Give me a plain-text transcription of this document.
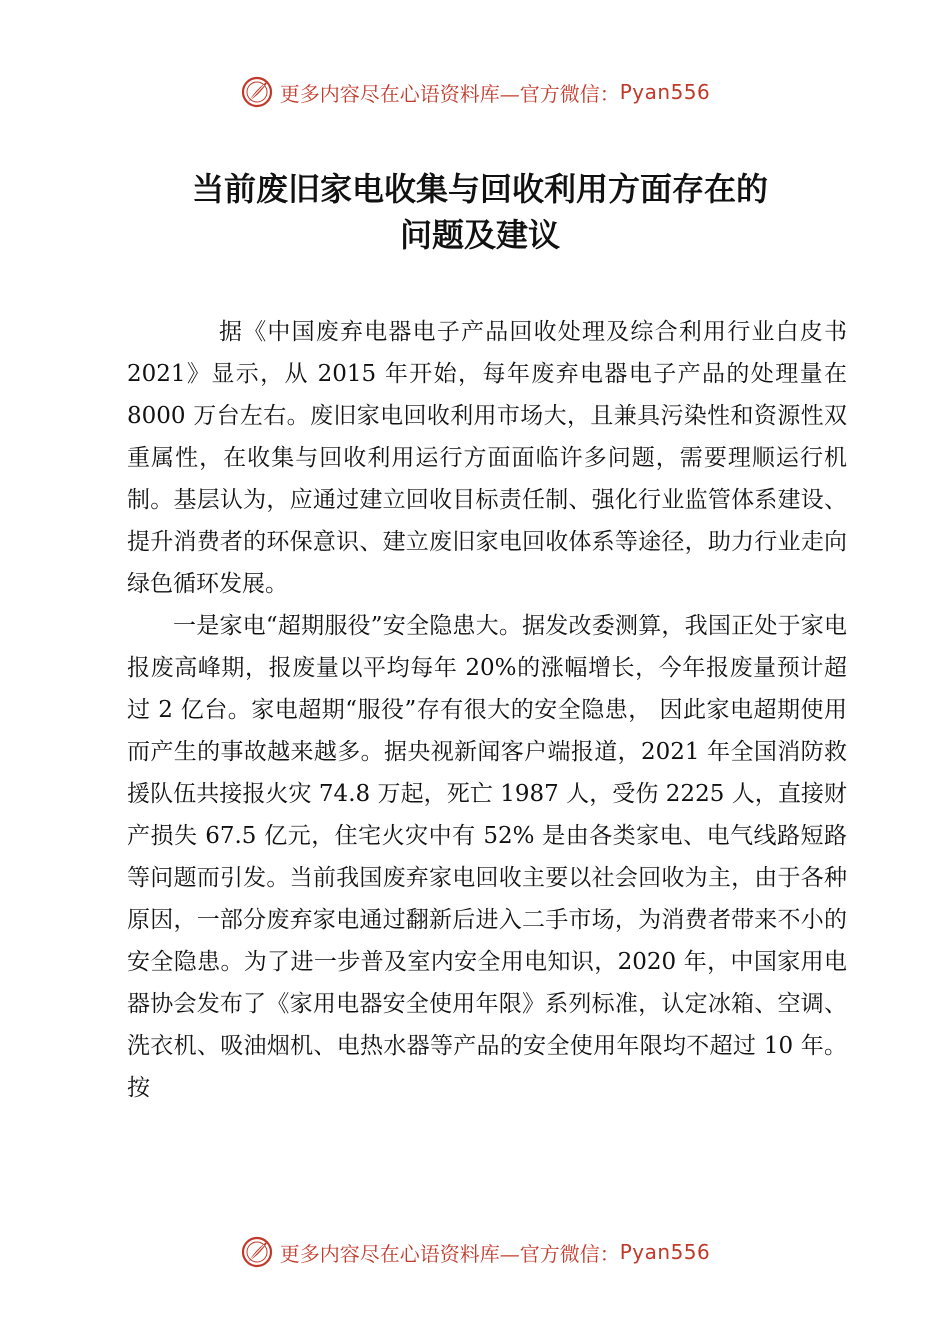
更多内容尽在心语资料库— 官方微信： Pyan556
当前废旧家电收集与回收利用方面存在的
问题及建议

据《中国废弃电器电子产品回收处理及综合利用行业白皮书2021》显示，从 2015 年开始，每年废弃电器电子产品的处理量在 8000 万台左右。废旧家电回收利用市场大，且兼具污染性和资源性双重属性，在收集与回收利用运行方面面临许多问题，需要理顺运行机制。基层认为，应通过建立回收目标责任制、强化行业监管体系建设、提升消费者的环保意识、建立废旧家电回收体系等途径，助力行业走向绿色循环发展。

一是家电“超期服役”安全隐患大。据发改委测算，我国正处于家电报废高峰期，报废量以平均每年 20%的涨幅增长，今年报废量预计超过 2 亿台。家电超期“服役”存有很大的安全隐患， 因此家电超期使用而产生的事故越来越多。据央视新闻客户端报道，2021 年全国消防救援队伍共接报火灾 74.8 万起，死亡 1987 人，受伤 2225 人，直接财产损失 67.5 亿元，住宅火灾中有 52% 是由各类家电、电气线路短路等问题而引发。当前我国废弃家电回收主要以社会回收为主，由于各种原因，一部分废弃家电通过翻新后进入二手市场，为消费者带来不小的安全隐患。为了进一步普及室内安全用电知识，2020 年，中国家用电器协会发布了《家用电器安全使用年限》系列标准，认定冰箱、空调、洗衣机、吸油烟机、电热水器等产品的安全使用年限均不超过 10 年。按

更多内容尽在心语资料库— 官方微信： Pyan556
